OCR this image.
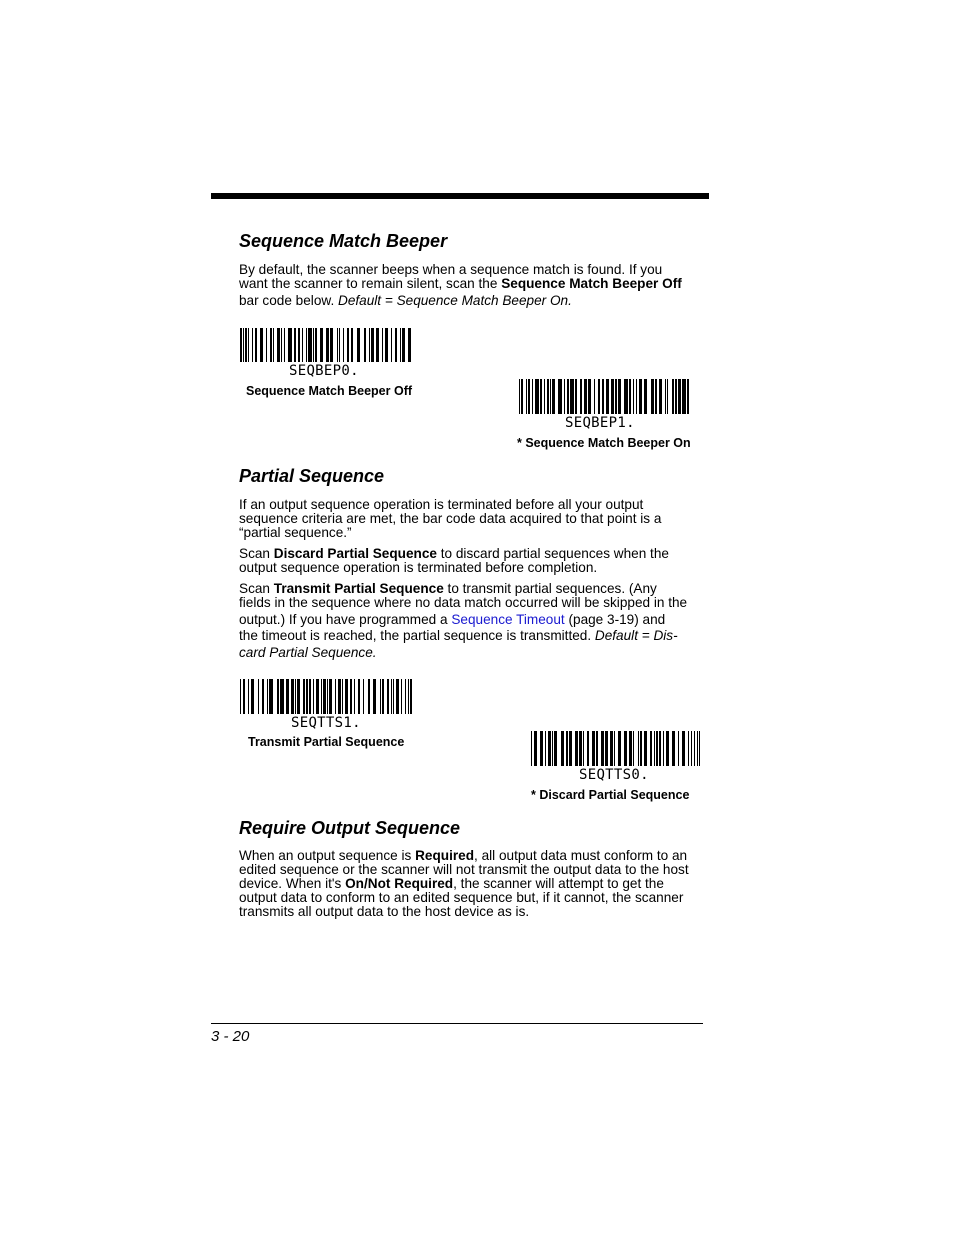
Sequence Match Beeper

By default, the scanner beeps when a sequence match is found. If you
want the scanner to remain silent, scan the Sequence Match Beeper Off
bar code below. Default = Sequence Match Beeper On.

SEQBEP0.
Sequence Match Beeper Off
SEQBEP1.
* Sequence Match Beeper On
Partial Sequence

If an output sequence operation is terminated before all your output
sequence criteria are met, the bar code data acquired to that point is a
“partial sequence.”

Scan Discard Partial Sequence to discard partial sequences when the
output sequence operation is terminated before completion.

Scan Transmit Partial Sequence to transmit partial sequences. (Any
fields in the sequence where no data match occurred will be skipped in the
output.) If you have programmed a Sequence Timeout (page 3-19) and
the timeout is reached, the partial sequence is transmitted. Default = Dis-
card Partial Sequence.

SEQTTS1.
Transmit Partial Sequence
SEQTTS0.
* Discard Partial Sequence
Require Output Sequence

When an output sequence is Required, all output data must conform to an
edited sequence or the scanner will not transmit the output data to the host
device. When it's On/Not Required, the scanner will attempt to get the
output data to conform to an edited sequence but, if it cannot, the scanner
transmits all output data to the host device as is.

3 - 20
